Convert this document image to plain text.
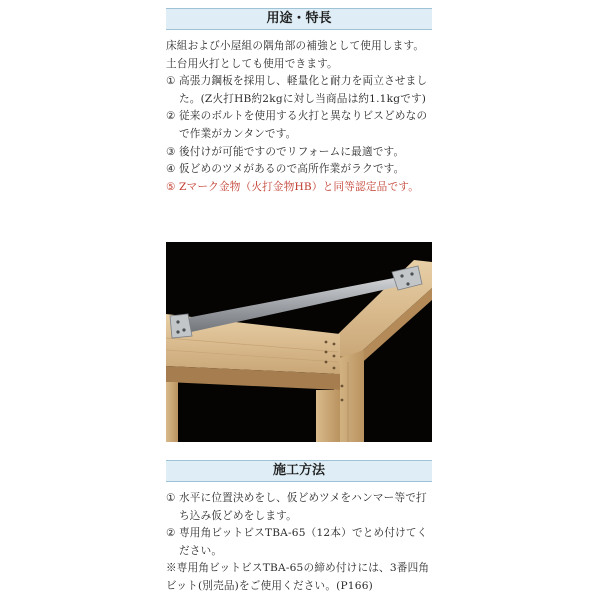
用途・特長
床組および小屋組の隅角部の補強として使用します。土台用火打としても使用できます。
① 高張力鋼板を採用し、軽量化と耐力を両立させました。(Z火打HB約2kgに対し当商品は約1.1kgです)
② 従来のボルトを使用する火打と異なりビスどめなので作業がカンタンです。
③ 後付けが可能ですのでリフォームに最適です。
④ 仮どめのツメがあるので高所作業がラクです。
⑤ Zマーク金物（火打金物HB）と同等認定品です。
施工方法
① 水平に位置決めをし、仮どめツメをハンマー等で打ち込み仮どめをします。
② 専用角ビットビスTBA-65（12本）でとめ付けてください。
※専用角ビットビスTBA-65の締め付けには、3番四角ビット(別売品)をご使用ください。(P166)
